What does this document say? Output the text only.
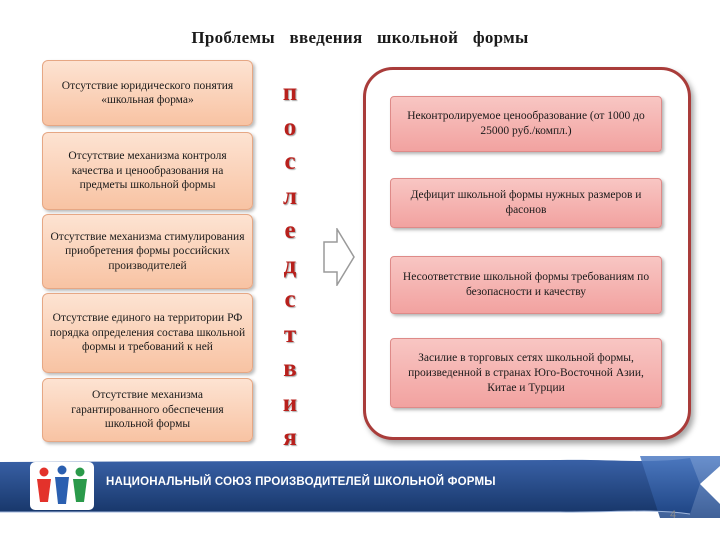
Проблемы введения школьной формы
Отсутствие юридического понятия «школьная форма»
Отсутствие механизма контроля качества и ценообразования на предметы школьной формы
Отсутствие механизма стимулирования приобретения формы российских производителей
Отсутствие единого на территории РФ порядка определения состава школьной формы и требований к ней
Отсутствие механизма гарантированного обеспечения школьной формы
п
о
с
л
е
д
с
т
в
и
я
Неконтролируемое ценообразование (от 1000 до 25000 руб./компл.)
Дефицит школьной формы нужных размеров и фасонов
Несоответствие школьной формы требованиям по безопасности и качеству
Засилие в торговых сетях школьной формы, произведенной в странах Юго-Восточной Азии, Китае и Турции
НАЦИОНАЛЬНЫЙ СОЮЗ ПРОИЗВОДИТЕЛЕЙ ШКОЛЬНОЙ ФОРМЫ
4
